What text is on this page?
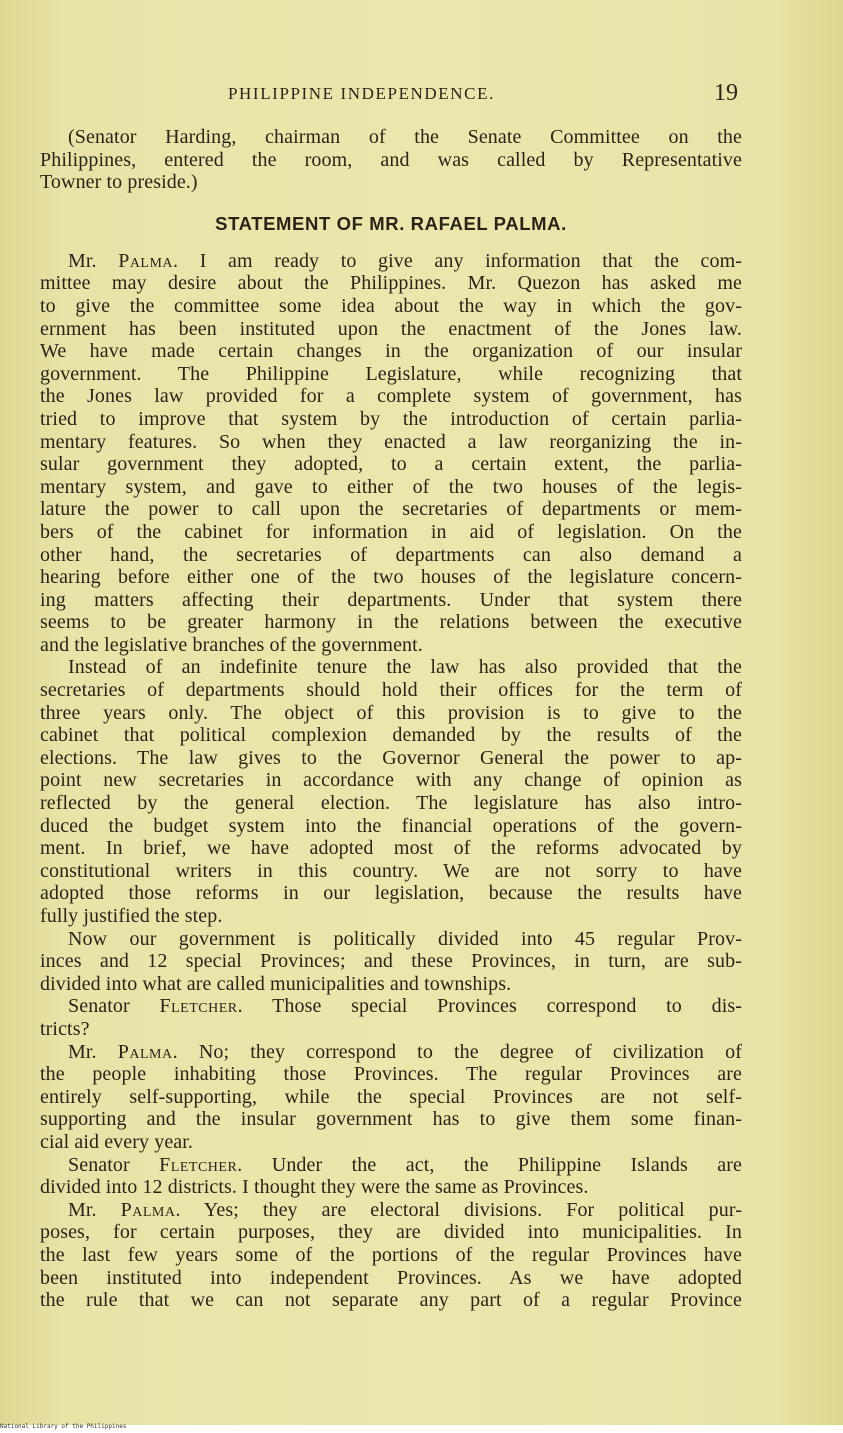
PHILIPPINE INDEPENDENCE.	19
(Senator Harding, chairman of the Senate Committee on the
Philippines, entered the room, and was called by Representative
Towner to preside.)
STATEMENT OF MR. RAFAEL PALMA.
Mr. Palma. I am ready to give any information that the com-
mittee may desire about the Philippines. Mr. Quezon has asked me
to give the committee some idea about the way in which the gov-
ernment has been instituted upon the enactment of the Jones law.
We have made certain changes in the organization of our insular
government. The Philippine Legislature, while recognizing that
the Jones law provided for a complete system of government, has
tried to improve that system by the introduction of certain parlia-
mentary features. So when they enacted a law reorganizing the in-
sular government they adopted, to a certain extent, the parlia-
mentary system, and gave to either of the two houses of the legis-
lature the power to call upon the secretaries of departments or mem-
bers of the cabinet for information in aid of legislation. On the
other hand, the secretaries of departments can also demand a
hearing before either one of the two houses of the legislature concern-
ing matters affecting their departments. Under that system there
seems to be greater harmony in the relations between the executive
and the legislative branches of the government.
Instead of an indefinite tenure the law has also provided that the
secretaries of departments should hold their offices for the term of
three years only. The object of this provision is to give to the
cabinet that political complexion demanded by the results of the
elections. The law gives to the Governor General the power to ap-
point new secretaries in accordance with any change of opinion as
reflected by the general election. The legislature has also intro-
duced the budget system into the financial operations of the govern-
ment. In brief, we have adopted most of the reforms advocated by
constitutional writers in this country. We are not sorry to have
adopted those reforms in our legislation, because the results have
fully justified the step.
Now our government is politically divided into 45 regular Prov-
inces and 12 special Provinces; and these Provinces, in turn, are sub-
divided into what are called municipalities and townships.
Senator Fletcher. Those special Provinces correspond to dis-
tricts?
Mr. Palma. No; they correspond to the degree of civilization of
the people inhabiting those Provinces. The regular Provinces are
entirely self-supporting, while the special Provinces are not self-
supporting and the insular government has to give them some finan-
cial aid every year.
Senator Fletcher. Under the act, the Philippine Islands are
divided into 12 districts. I thought they were the same as Provinces.
Mr. Palma. Yes; they are electoral divisions. For political pur-
poses, for certain purposes, they are divided into municipalities. In
the last few years some of the portions of the regular Provinces have
been instituted into independent Provinces. As we have adopted
the rule that we can not separate any part of a regular Province
National Library of the Philippines
